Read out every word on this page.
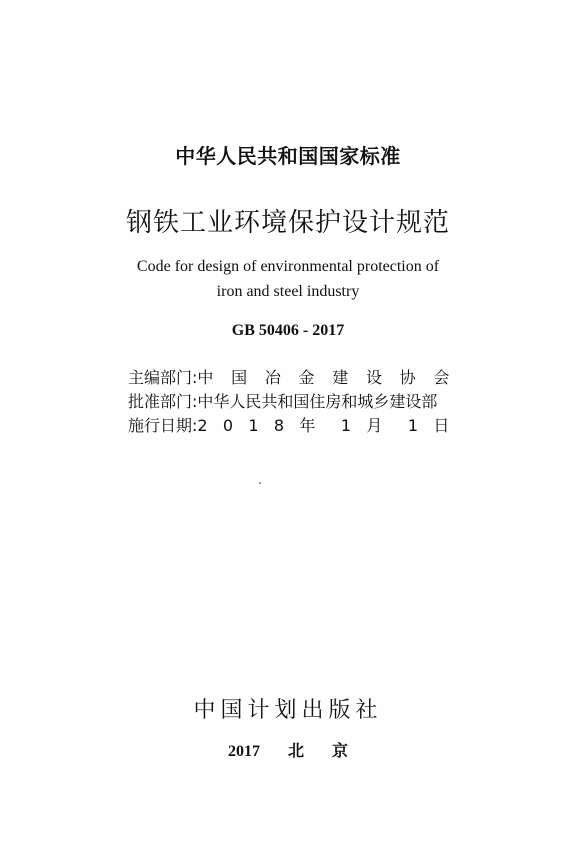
中华人民共和国国家标准
钢铁工业环境保护设计规范
Code for design of environmental protection of
iron and steel industry
GB 50406 - 2017
主编部门:中 国 冶 金 建 设 协 会
批准部门:中华人民共和国住房和城乡建设部
施行日期:2 0 1 8 年 1 月 1 日
中国计划出版社
2017  北  京
